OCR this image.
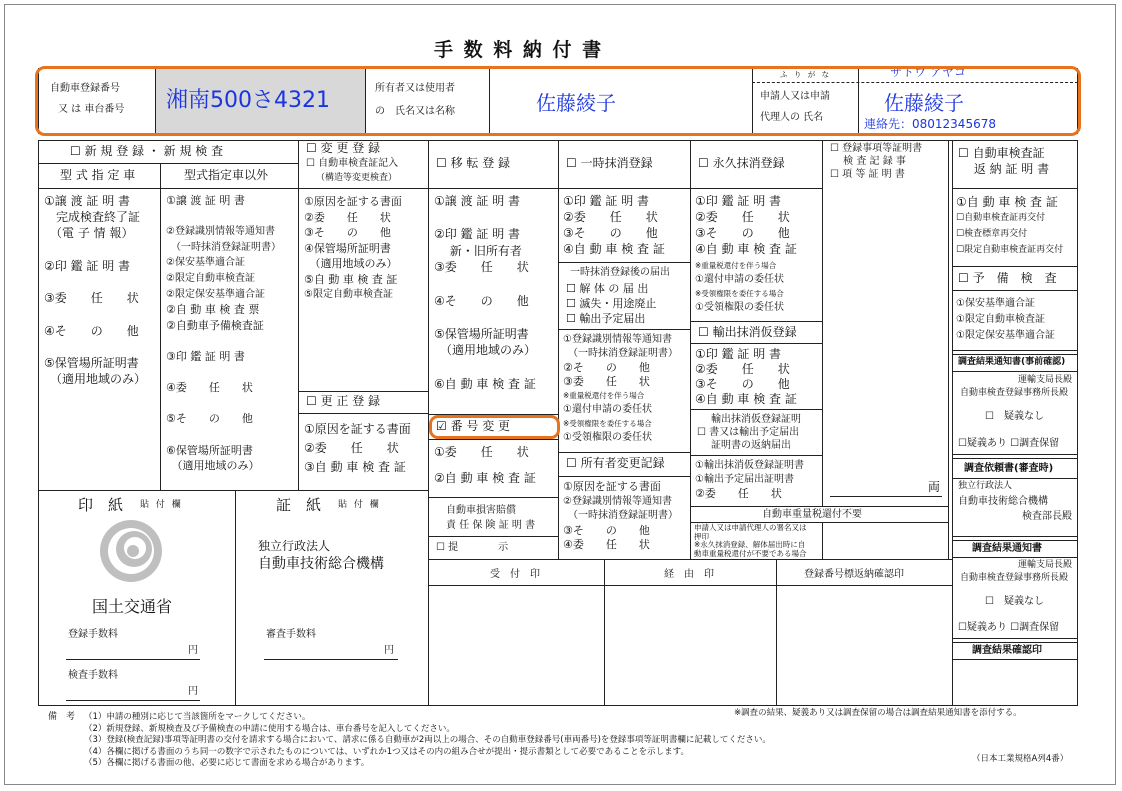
手 数 料 納 付 書
自動車登録番号
又 は 車台番号 湘南500さ4321	所有者又は使用者
の　氏名又は名称	佐藤綾子
ふ り が な	サトウ アヤコ
申請人又は申請
代理人の 氏名
佐藤綾子
連絡先：08012345678
☐ 新 規 登 録 ・ 新 規 検 査
型 式 指 定 車	型式指定車以外
①譲 渡 証 明 書
　完成検査終了証
　（電 子 情 報）

②印 鑑 証 明 書

③委　　任　　状

④そ　　の　　他

⑤保管場所証明書
　（適用地域のみ）
①譲 渡 証 明 書

②登録識別情報等通知書
　（一時抹消登録証明書）
②保安基準適合証
②限定自動車検査証
②限定保安基準適合証
②自 動 車 検 査 票
②自動車予備検査証

③印 鑑 証 明 書

④委　　任　　状

⑤そ　　の　　他

⑥保管場所証明書
　（適用地域のみ）
☐ 変 更 登 録
☐ 自動車検査証記入
（構造等変更検査）
①原因を証する書面
②委　　任　　状
③そ　　の　　他
④保管場所証明書
　（適用地域のみ）
⑤自 動 車 検 査 証
⑤限定自動車検査証
☐ 更 正 登 録
①原因を証する書面
②委　　任　　状
③自 動 車 検 査 証
☐ 移 転 登 録
①譲 渡 証 明 書

②印 鑑 証 明 書
　 新・旧所有者
③委　　任　　状

④そ　　の　　他

⑤保管場所証明書
　（適用地域のみ）

⑥自 動 車 検 査 証
☑ 番 号 変 更
①委　　任　　状

②自 動 車 検 査 証
自動車損害賠償
責 任 保 険 証 明 書
☐ 提　　　　示
☐ 一時抹消登録
①印 鑑 証 明 書
②委　　任　　状
③そ　　の　　他
④自 動 車 検 査 証
一時抹消登録後の届出
☐ 解 体 の 届 出
☐ 滅失・用途廃止
☐ 輸出予定届出
①登録識別情報等通知書
　（一時抹消登録証明書）
②そ　　の　　他
③委　　任　　状
※重量税還付を伴う場合
①還付申請の委任状
※受領権限を委任する場合
①受領権限の委任状
☐ 所有者変更記録
①原因を証する書面
②登録識別情報等通知書
　（一時抹消登録証明書）
③そ　　の　　他
④委　　任　　状
☐ 永久抹消登録
①印 鑑 証 明 書
②委　　任　　状
③そ　　の　　他
④自 動 車 検 査 証
※重量税還付を伴う場合
①還付申請の委任状
※受領権限を委任する場合
①受領権限の委任状
☐ 輸出抹消仮登録
①印 鑑 証 明 書
②委　　任　　状
③そ　　の　　他
④自 動 車 検 査 証
輸出抹消仮登録証明
☐ 書又は輸出予定届出
証明書の返納届出
①輸出抹消仮登録証明書
①輸出予定届出証明書
②委　　任　　状
☐ 登録事項等証明書
　 検 査 記 録 事
☐ 項 等 証 明 書
両
自動車重量税還付不要
申請人又は申請代理人の署名又は
押印
※永久抹消登録、解体届出時に自
動車重量税還付が不要である場合
受　付　印	経　由　印	登録番号標返納確認印
☐ 自動車検査証
　 返 納 証 明 書
①自 動 車 検 査 証
☐自動車検査証再交付
☐検査標章再交付
☐限定自動車検査証再交付
☐ 予　備　検　査
①保安基準適合証
①限定自動車検査証
①限定保安基準適合証
調査結果通知書(事前確認)
運輸支局長殿
自動車検査登録事務所長殿
☐　疑義なし
☐疑義あり ☐調査保留
調査依頼書(審査時)
独立行政法人
自動車技術総合機構
検査部長殿
調査結果通知書
運輸支局長殿
自動車検査登録事務所長殿
☐　疑義なし
☐疑義あり ☐調査保留
調査結果確認印
印　紙 貼 付 欄
国土交通省
登録手数料
円
検査手数料
円
証　紙 貼 付 欄
独立行政法人
自動車技術総合機構
審査手数料
円
備　考 （1）申請の種別に応じて当該箇所をマークしてください。
（2）新規登録、新規検査及び予備検査の申請に使用する場合は、車台番号を記入してください。
（3）登録(検査記録)事項等証明書の交付を請求する場合において、請求に係る自動車が2両以上の場合、その自動車登録番号(車両番号)を登録事項等証明書欄に記載してください。
（4）各欄に掲げる書面のうち同一の数字で示されたものについては、いずれか1つ又はその内の組み合せが提出・提示書類として必要であることを示します。
（5）各欄に掲げる書面の他、必要に応じて書面を求める場合があります。
※調査の結果、疑義あり又は調査保留の場合は調査結果通知書を添付する。
（日本工業規格A列4番）
